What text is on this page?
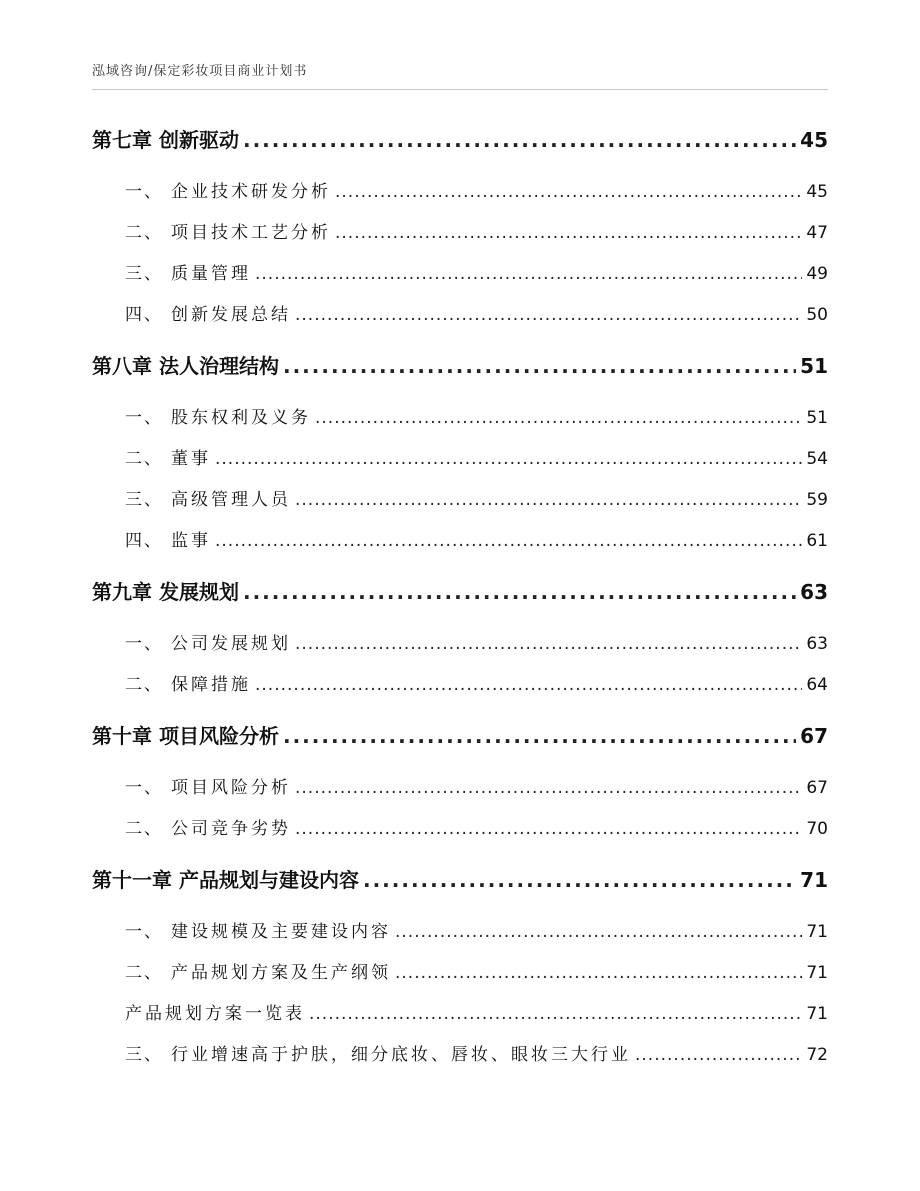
泓域咨询/保定彩妆项目商业计划书
第七章 创新驱动 .....	45
一、 企业技术研发分析 .....	45
二、 项目技术工艺分析 .....	47
三、 质量管理 .....	49
四、 创新发展总结 .....	50
第八章 法人治理结构 .....	51
一、 股东权利及义务 .....	51
二、 董事 .....	54
三、 高级管理人员 .....	59
四、 监事 .....	61
第九章 发展规划 .....	63
一、 公司发展规划 .....	63
二、 保障措施 .....	64
第十章 项目风险分析 .....	67
一、 项目风险分析 .....	67
二、 公司竞争劣势 .....	70
第十一章 产品规划与建设内容 .....	71
一、 建设规模及主要建设内容 .....	71
二、 产品规划方案及生产纲领 .....	71
产品规划方案一览表 .....	71
三、 行业增速高于护肤，细分底妆、唇妆、眼妆三大行业 .....	72
